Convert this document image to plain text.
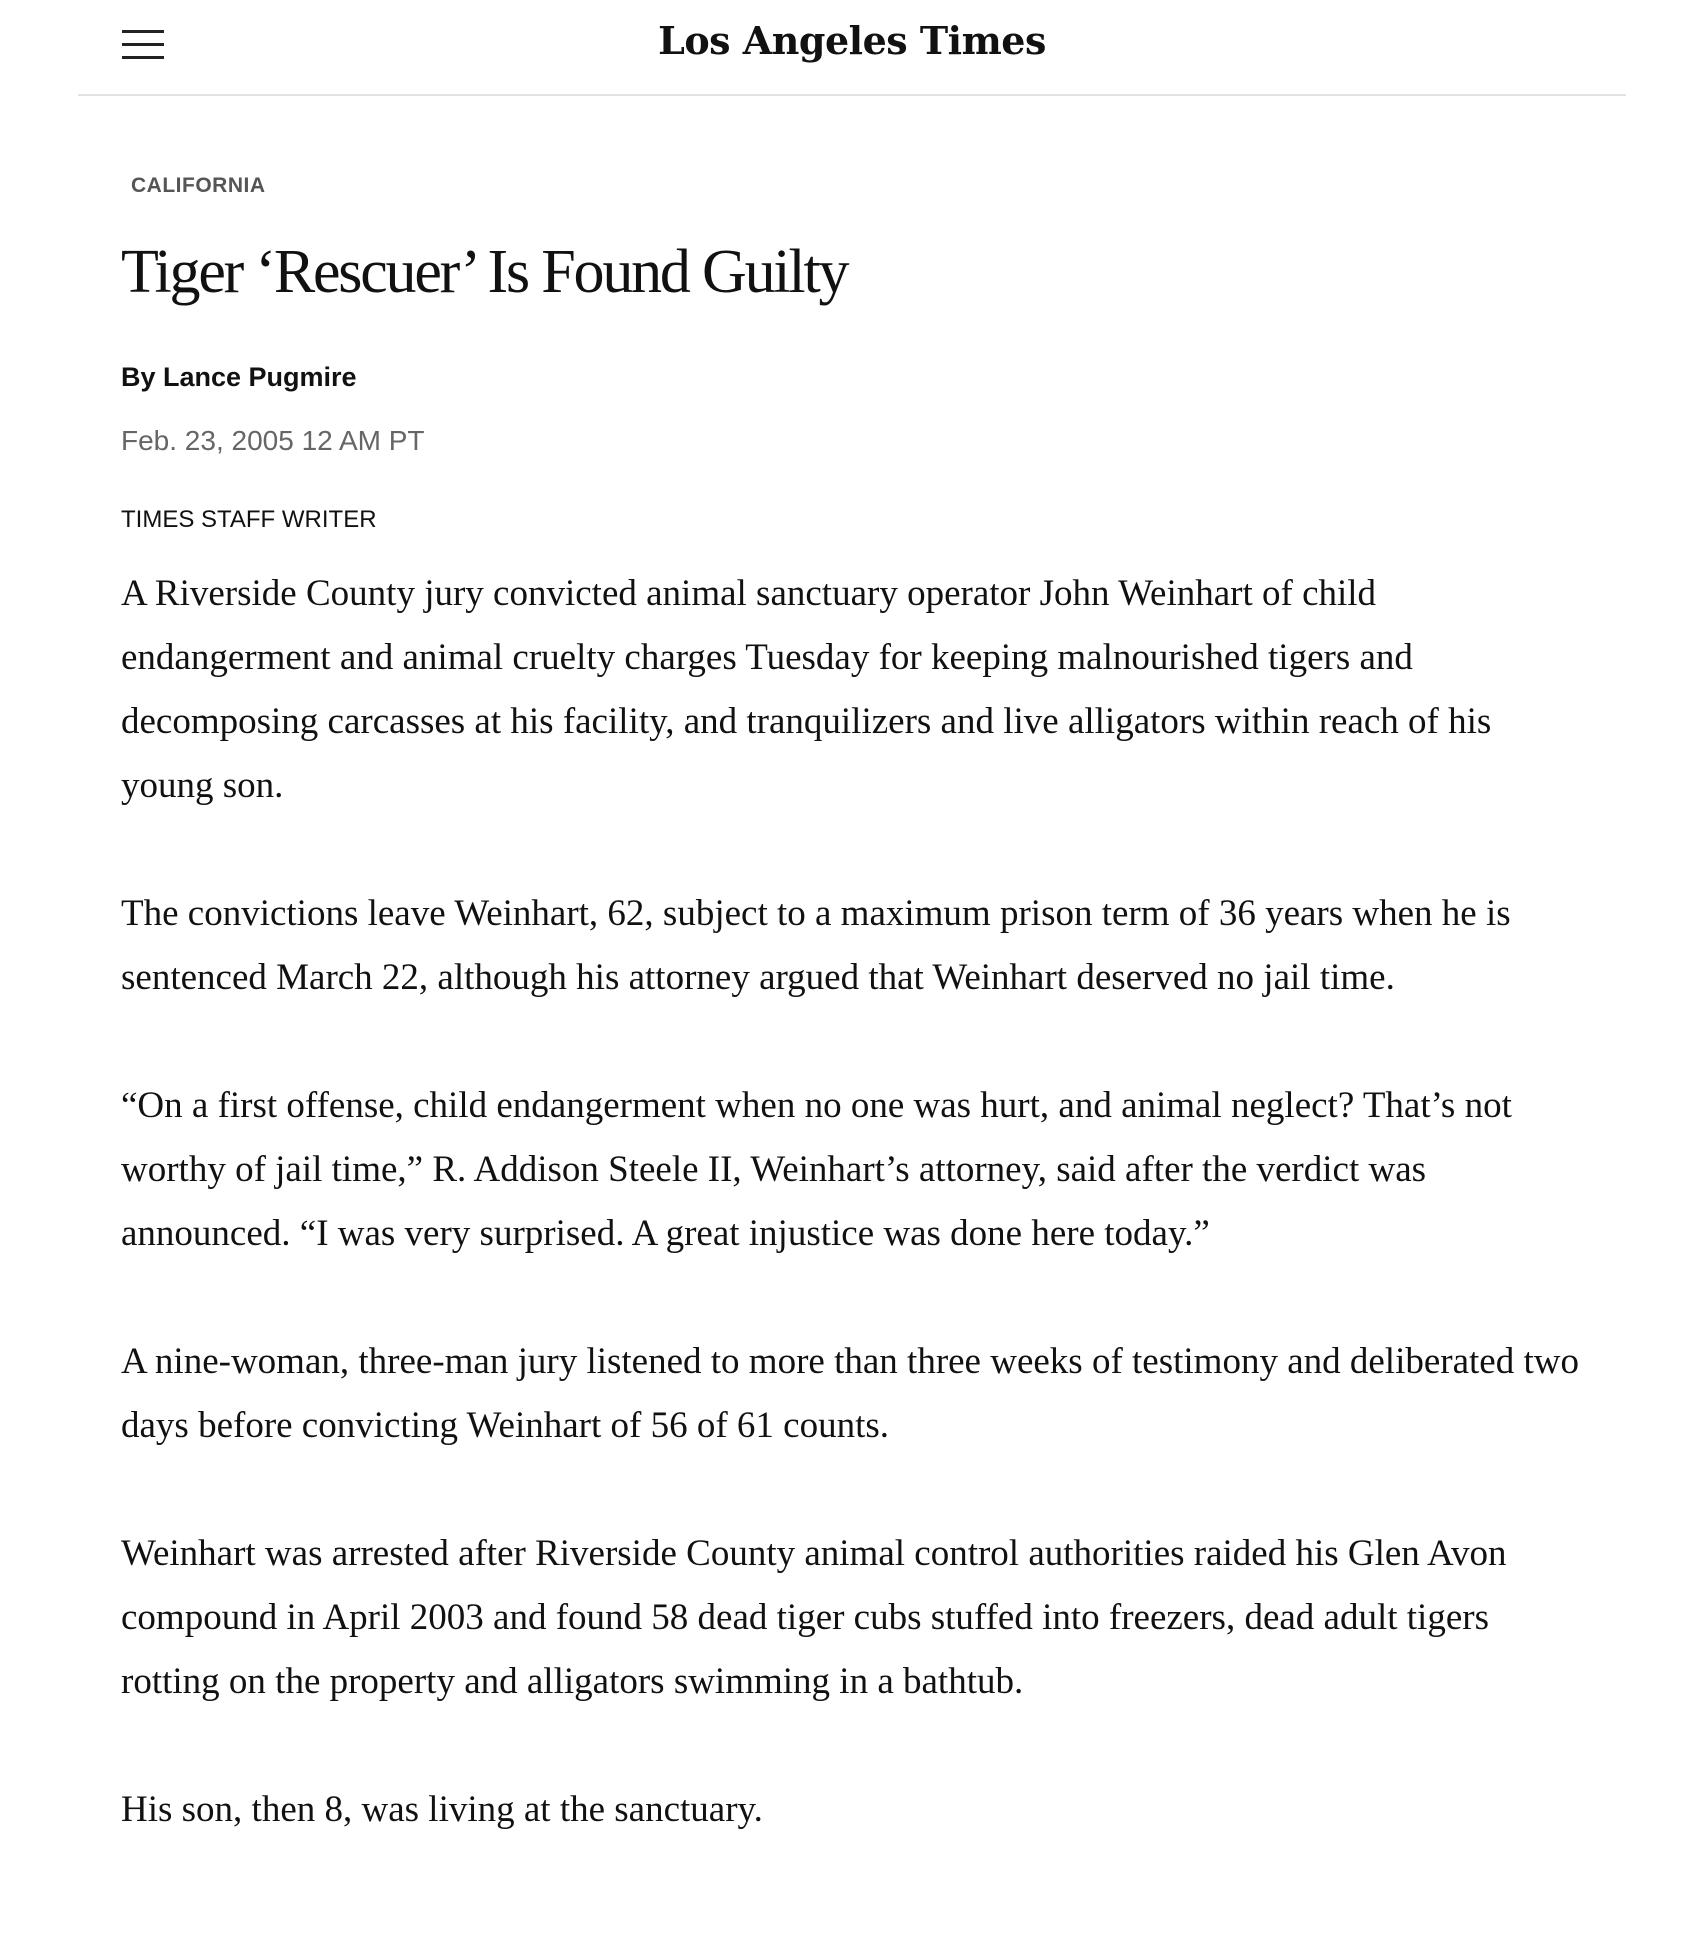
Los Angeles Times
CALIFORNIA
Tiger ‘Rescuer’ Is Found Guilty
By Lance Pugmire
Feb. 23, 2005 12 AM PT
TIMES STAFF WRITER

A Riverside County jury convicted animal sanctuary operator John Weinhart of child endangerment and animal cruelty charges Tuesday for keeping malnourished tigers and decomposing carcasses at his facility, and tranquilizers and live alligators within reach of his young son.

The convictions leave Weinhart, 62, subject to a maximum prison term of 36 years when he is sentenced March 22, although his attorney argued that Weinhart deserved no jail time.

“On a first offense, child endangerment when no one was hurt, and animal neglect? That’s not worthy of jail time,” R. Addison Steele II, Weinhart’s attorney, said after the verdict was announced. “I was very surprised. A great injustice was done here today.”

A nine-woman, three-man jury listened to more than three weeks of testimony and deliberated two days before convicting Weinhart of 56 of 61 counts.

Weinhart was arrested after Riverside County animal control authorities raided his Glen Avon compound in April 2003 and found 58 dead tiger cubs stuffed into freezers, dead adult tigers rotting on the property and alligators swimming in a bathtub.

His son, then 8, was living at the sanctuary.
